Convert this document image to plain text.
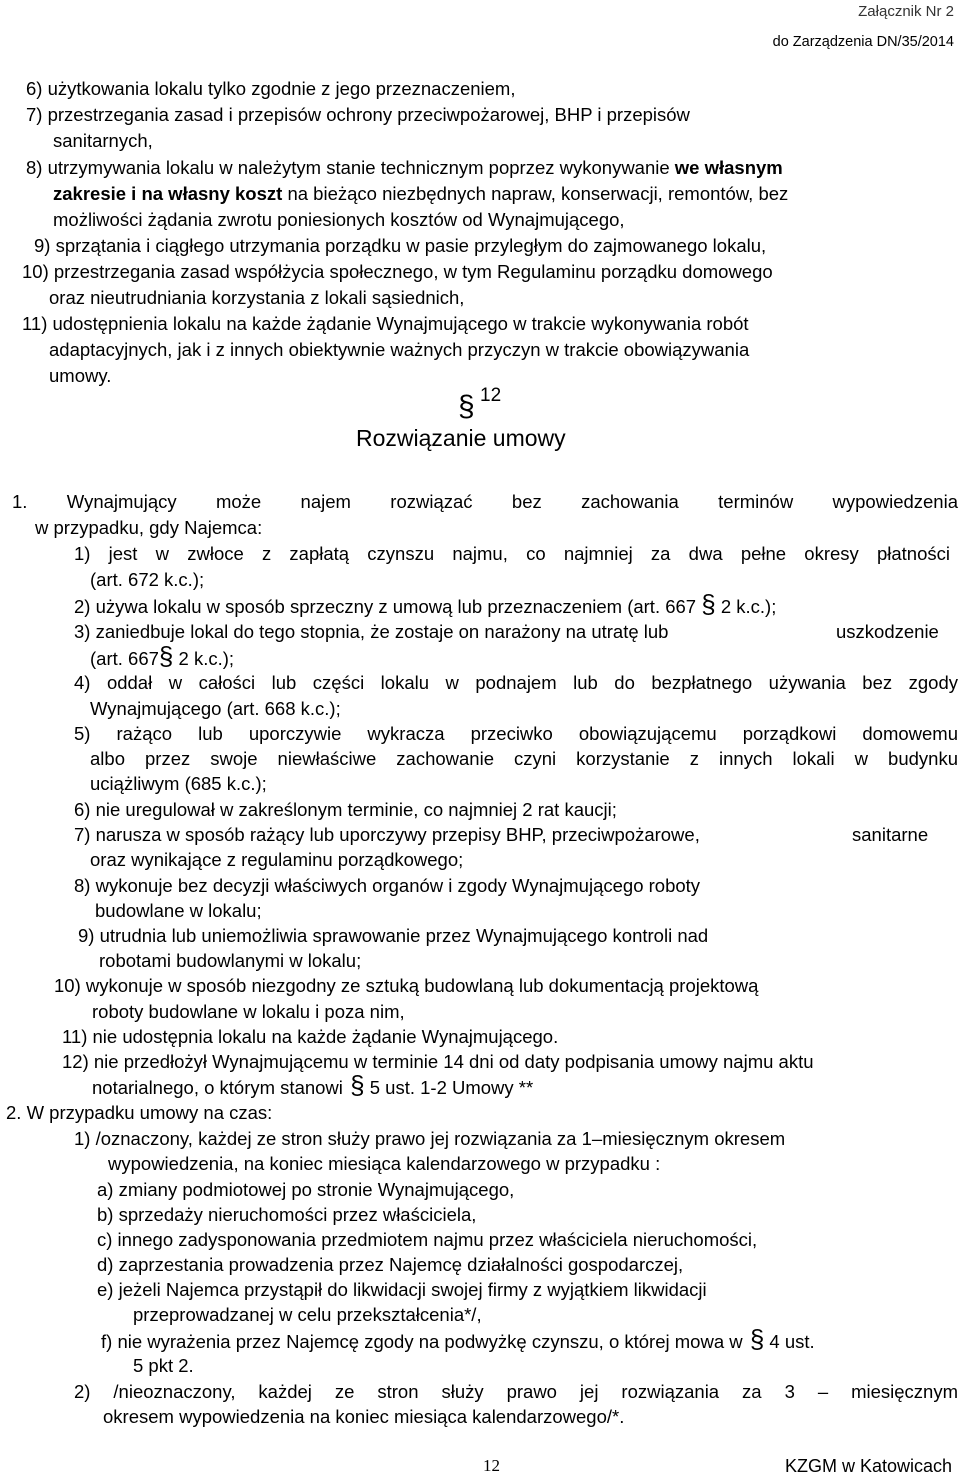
Załącznik Nr 2
do Zarządzenia DN/35/2014
6) użytkowania lokalu tylko zgodnie z jego przeznaczeniem,
7) przestrzegania zasad i przepisów ochrony przeciwpożarowej, BHP i przepisów
sanitarnych,
8) utrzymywania lokalu w należytym stanie technicznym poprzez wykonywanie we własnym
zakresie i na własny koszt na bieżąco niezbędnych napraw, konserwacji, remontów, bez
możliwości żądania zwrotu poniesionych kosztów od Wynajmującego,
9) sprzątania i ciągłego utrzymania porządku w pasie przyległym do zajmowanego lokalu,
10) przestrzegania zasad współżycia społecznego, w tym Regulaminu porządku domowego
oraz nieutrudniania korzystania z lokali sąsiednich,
11) udostępnienia lokalu na każde żądanie Wynajmującego w trakcie wykonywania robót
adaptacyjnych, jak i z innych obiektywnie ważnych przyczyn w trakcie obowiązywania
umowy.
§ 12
Rozwiązanie umowy
1. Wynajmujący może najem rozwiązać bez zachowania terminów wypowiedzenia
w przypadku, gdy Najemca:
1) jest w zwłoce z zapłatą czynszu najmu, co najmniej za dwa pełne okresy płatności
(art. 672 k.c.);
2) używa lokalu w sposób sprzeczny z umową lub przeznaczeniem (art. 667 § 2 k.c.);
3) zaniedbuje lokal do tego stopnia, że zostaje on narażony na utratę lub	uszkodzenie
(art. 667§ 2 k.c.);
4) oddał w całości lub części lokalu w podnajem lub do bezpłatnego używania bez zgody
Wynajmującego (art. 668 k.c.);
5) rażąco lub uporczywie wykracza przeciwko obowiązującemu porządkowi domowemu
albo przez swoje niewłaściwe zachowanie czyni korzystanie z innych lokali w budynku
uciążliwym (685 k.c.);
6) nie uregulował w zakreślonym terminie, co najmniej 2 rat kaucji;
7) narusza w sposób rażący lub uporczywy przepisy BHP, przeciwpożarowe,	sanitarne
oraz wynikające z regulaminu porządkowego;
8) wykonuje bez decyzji właściwych organów i zgody Wynajmującego roboty
budowlane w lokalu;
9) utrudnia lub uniemożliwia sprawowanie przez Wynajmującego kontroli nad
robotami budowlanymi w lokalu;
10) wykonuje w sposób niezgodny ze sztuką budowlaną lub dokumentacją projektową
roboty budowlane w lokalu i poza nim,
11) nie udostępnia lokalu na każde żądanie Wynajmującego.
12) nie przedłożył Wynajmującemu w terminie 14 dni od daty podpisania umowy najmu aktu
notarialnego, o którym stanowi § 5 ust. 1-2 Umowy **
2. W przypadku umowy na czas:
1) /oznaczony, każdej ze stron służy prawo jej rozwiązania za 1–miesięcznym okresem
wypowiedzenia, na koniec miesiąca kalendarzowego w przypadku :
a) zmiany podmiotowej po stronie Wynajmującego,
b) sprzedaży nieruchomości przez właściciela,
c) innego zadysponowania przedmiotem najmu przez właściciela nieruchomości,
d) zaprzestania prowadzenia przez Najemcę działalności gospodarczej,
e) jeżeli Najemca przystąpił do likwidacji swojej firmy z wyjątkiem likwidacji
przeprowadzanej w celu przekształcenia*/,
f) nie wyrażenia przez Najemcę zgody na podwyżkę czynszu, o której mowa w § 4 ust.
5 pkt 2.
2) /nieoznaczony, każdej ze stron służy prawo jej rozwiązania za 3 – miesięcznym
okresem wypowiedzenia na koniec miesiąca kalendarzowego/*.
12	KZGM w Katowicach
